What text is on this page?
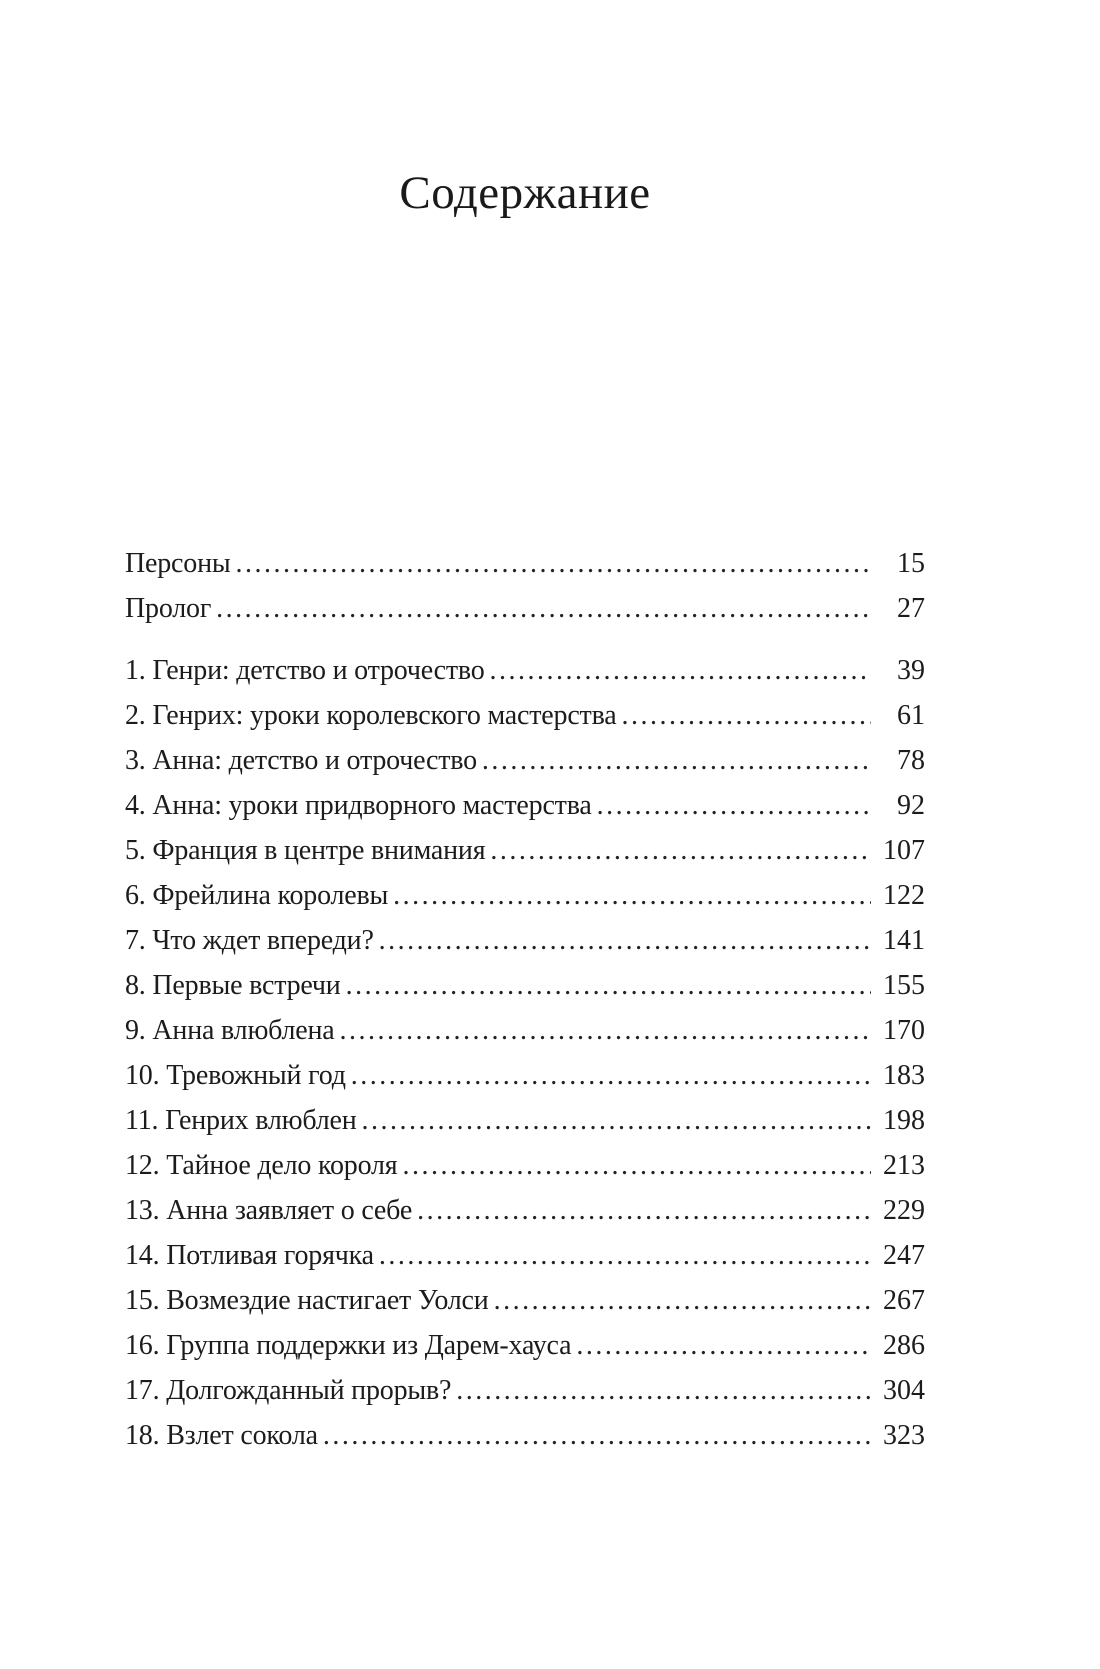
Содержание
Персоны .....	15
Пролог .....	27
1. Генри: детство и отрочество .....	39
2. Генрих: уроки королевского мастерства .....	61
3. Анна: детство и отрочество .....	78
4. Анна: уроки придворного мастерства .....	92
5. Франция в центре внимания .....	107
6. Фрейлина королевы .....	122
7. Что ждет впереди? .....	141
8. Первые встречи .....	155
9. Анна влюблена .....	170
10. Тревожный год .....	183
11. Генрих влюблен .....	198
12. Тайное дело короля .....	213
13. Анна заявляет о себе .....	229
14. Потливая горячка .....	247
15. Возмездие настигает Уолси .....	267
16. Группа поддержки из Дарем-хауса .....	286
17. Долгожданный прорыв? .....	304
18. Взлет сокола .....	323
